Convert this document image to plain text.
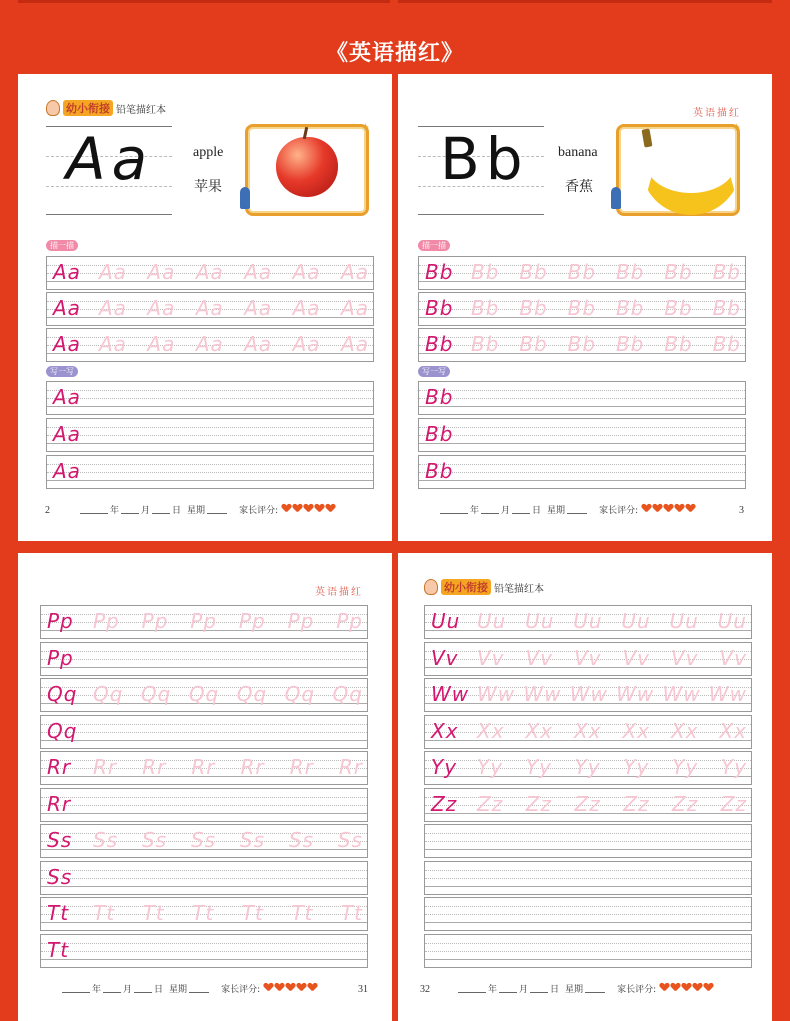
《英语描红》
幼小衔接 铅笔描红本
Aa	apple
苹果
✦
描一描
写一写
2	年 月 日 星期	家长评分:
Aa Aa Aa Aa Aa Aa Aa
Aa Aa Aa Aa Aa Aa Aa
Aa Aa Aa Aa Aa Aa Aa
Aa
Aa
Aa
英语描红
Bb banana
香蕉
✦
描一描
写一写
年 月 日 星期	家长评分:	3
Bb Bb Bb Bb Bb Bb Bb
Bb Bb Bb Bb Bb Bb Bb
Bb Bb Bb Bb Bb Bb Bb
Bb
Bb
Bb
英语描红
年 月 日 星期	家长评分:	31
Pp Pp Pp Pp Pp Pp Pp
Pp
Qq Qq Qq Qq Qq Qq Qq
Qq
Rr Rr Rr Rr Rr Rr Rr
Rr
Ss Ss Ss Ss Ss Ss Ss
Ss
Tt Tt Tt Tt Tt Tt Tt
Tt
幼小衔接 铅笔描红本
32	年 月 日 星期	家长评分:
Uu Uu Uu Uu Uu Uu Uu
Vv Vv Vv Vv Vv Vv Vv
Ww Ww Ww Ww Ww Ww Ww
Xx Xx Xx Xx Xx Xx Xx
Yy Yy Yy Yy Yy Yy Yy
Zz Zz Zz Zz Zz Zz Zz
